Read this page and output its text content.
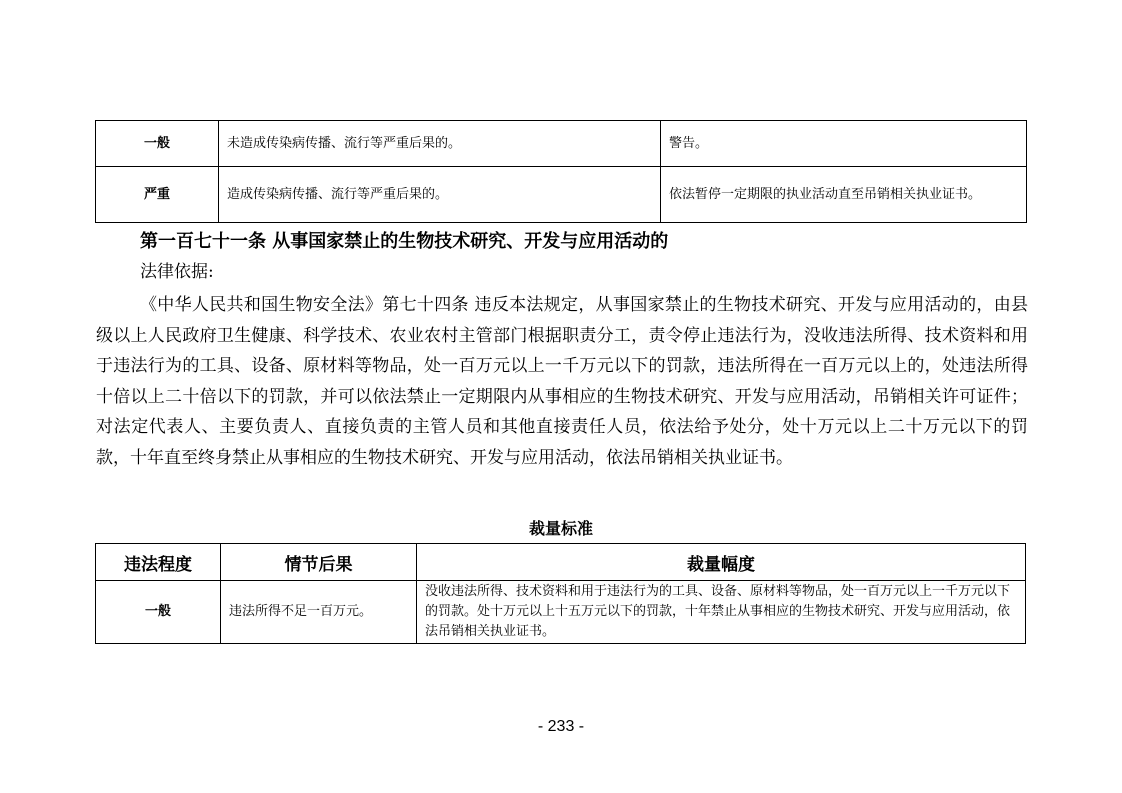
一般	未造成传染病传播、流行等严重后果的。	警告。
严重	造成传染病传播、流行等严重后果的。	依法暂停一定期限的执业活动直至吊销相关执业证书。
第一百七十一条 从事国家禁止的生物技术研究、开发与应用活动的
法律依据:

《中华人民共和国生物安全法》第七十四条 违反本法规定，从事国家禁止的生物技术研究、开发与应用活动的，由县级以上人民政府卫生健康、科学技术、农业农村主管部门根据职责分工，责令停止违法行为，没收违法所得、技术资料和用于违法行为的工具、设备、原材料等物品，处一百万元以上一千万元以下的罚款，违法所得在一百万元以上的，处违法所得十倍以上二十倍以下的罚款，并可以依法禁止一定期限内从事相应的生物技术研究、开发与应用活动，吊销相关许可证件；对法定代表人、主要负责人、直接负责的主管人员和其他直接责任人员，依法给予处分，处十万元以上二十万元以下的罚款，十年直至终身禁止从事相应的生物技术研究、开发与应用活动，依法吊销相关执业证书。

裁量标准
违法程度	情节后果	裁量幅度
一般	违法所得不足一百万元。	没收违法所得、技术资料和用于违法行为的工具、设备、原材料等物品，处一百万元以上一千万元以下的罚款。处十万元以上十五万元以下的罚款，十年禁止从事相应的生物技术研究、开发与应用活动，依法吊销相关执业证书。
- 233 -
